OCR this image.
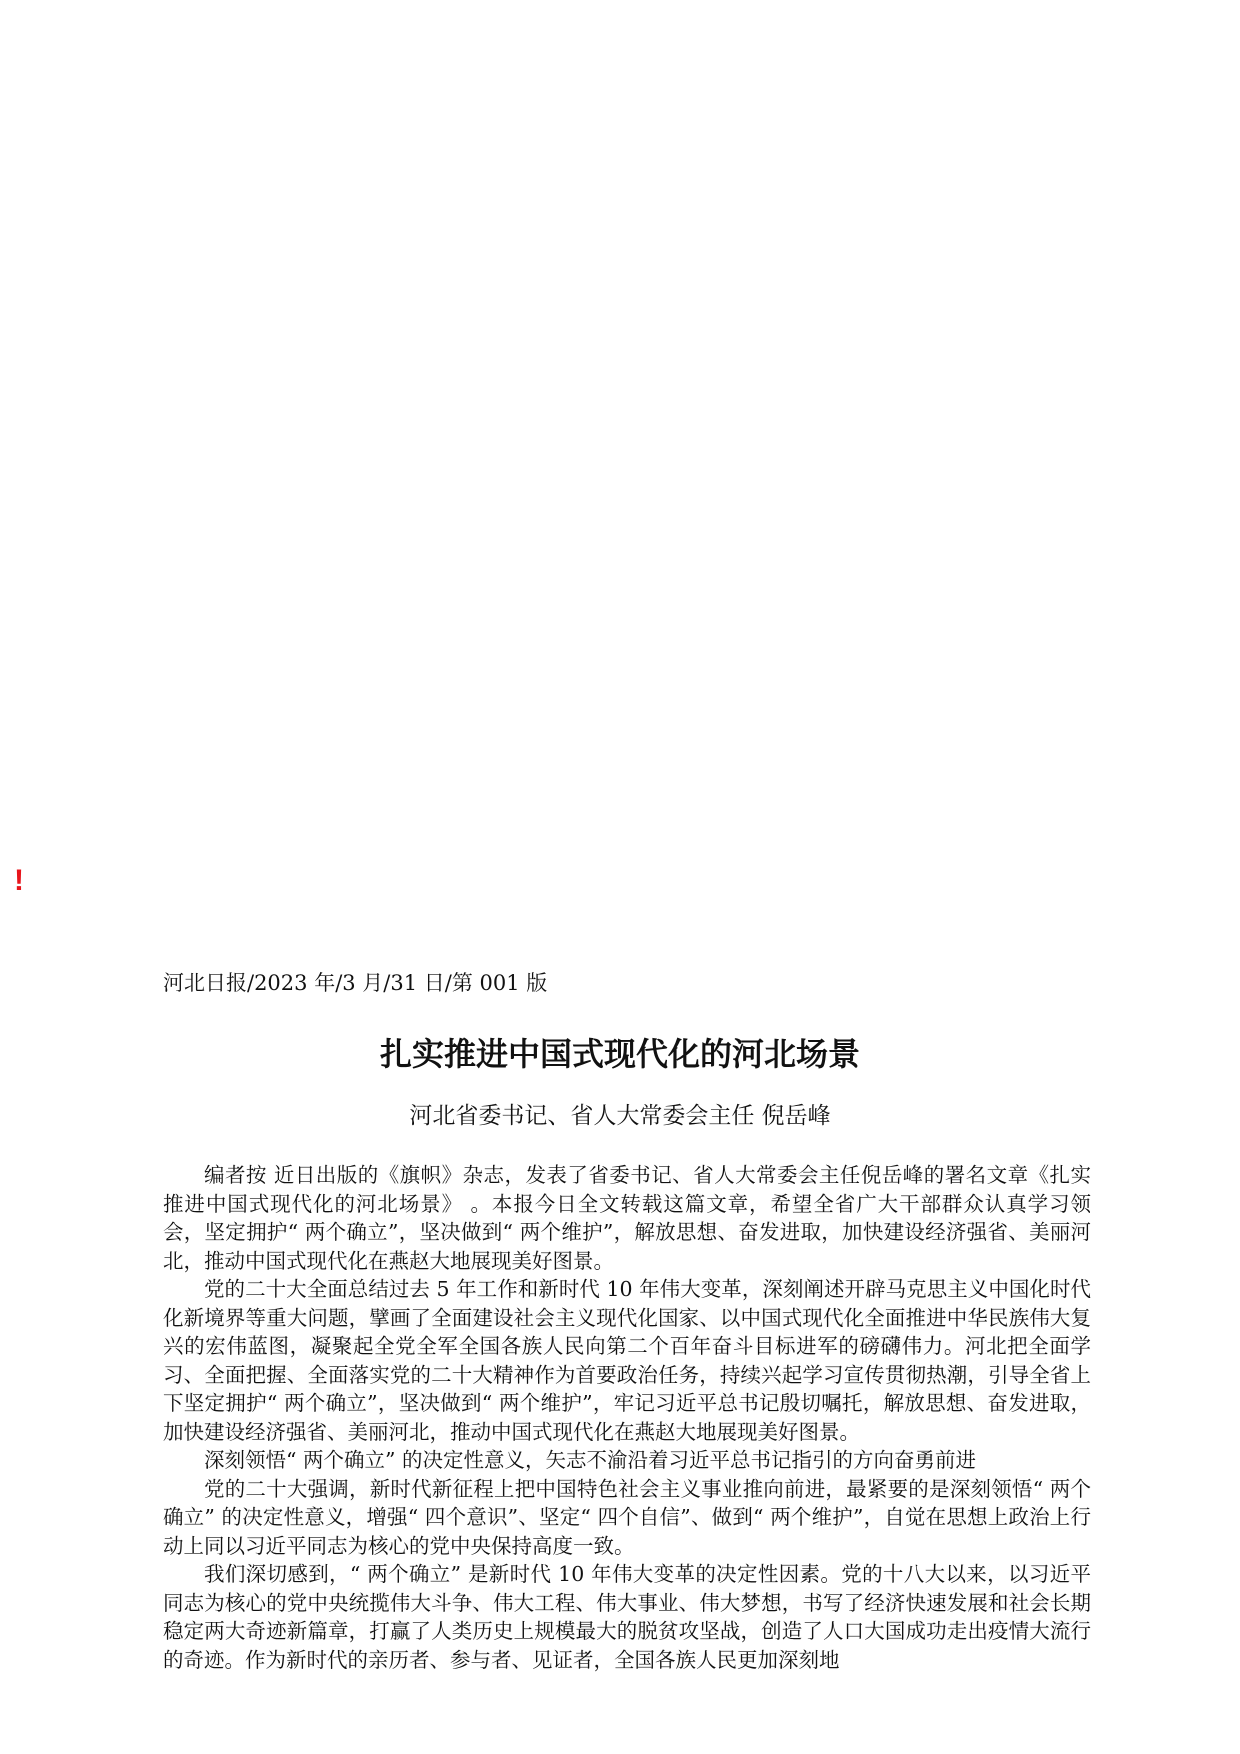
!
河北日报/2023 年/3 月/31 日/第 001 版
扎实推进中国式现代化的河北场景
河北省委书记、省人大常委会主任 倪岳峰

编者按 近日出版的《旗帜》杂志，发表了省委书记、省人大常委会主任倪岳峰的署名文章《扎实推进中国式现代化的河北场景》 。本报今日全文转载这篇文章，希望全省广大干部群众认真学习领会，坚定拥护“ 两个确立”，坚决做到“ 两个维护”，解放思想、奋发进取，加快建设经济强省、美丽河北，推动中国式现代化在燕赵大地展现美好图景。

党的二十大全面总结过去 5 年工作和新时代 10 年伟大变革，深刻阐述开辟马克思主义中国化时代化新境界等重大问题，擘画了全面建设社会主义现代化国家、以中国式现代化全面推进中华民族伟大复兴的宏伟蓝图，凝聚起全党全军全国各族人民向第二个百年奋斗目标进军的磅礴伟力。河北把全面学习、全面把握、全面落实党的二十大精神作为首要政治任务，持续兴起学习宣传贯彻热潮，引导全省上下坚定拥护“ 两个确立”，坚决做到“ 两个维护”，牢记习近平总书记殷切嘱托，解放思想、奋发进取，加快建设经济强省、美丽河北，推动中国式现代化在燕赵大地展现美好图景。

深刻领悟“ 两个确立” 的决定性意义，矢志不渝沿着习近平总书记指引的方向奋勇前进

党的二十大强调，新时代新征程上把中国特色社会主义事业推向前进，最紧要的是深刻领悟“ 两个确立” 的决定性意义，增强“ 四个意识”、坚定“ 四个自信”、做到“ 两个维护”，自觉在思想上政治上行动上同以习近平同志为核心的党中央保持高度一致。

我们深切感到，“ 两个确立” 是新时代 10 年伟大变革的决定性因素。党的十八大以来，以习近平同志为核心的党中央统揽伟大斗争、伟大工程、伟大事业、伟大梦想，书写了经济快速发展和社会长期稳定两大奇迹新篇章，打赢了人类历史上规模最大的脱贫攻坚战，创造了人口大国成功走出疫情大流行的奇迹。作为新时代的亲历者、参与者、见证者，全国各族人民更加深刻地
